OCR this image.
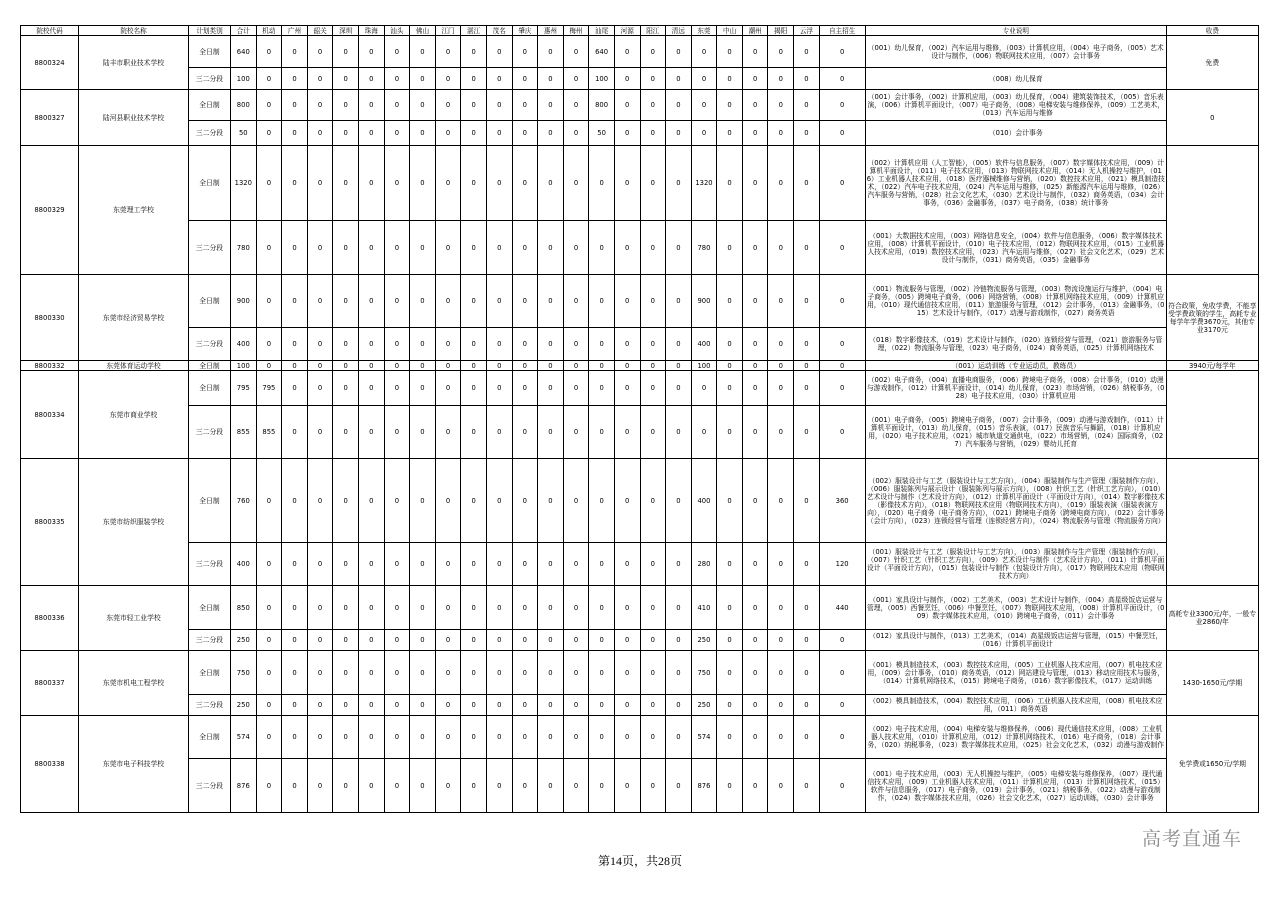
院校代码	院校名称	计划类别	合计	机动	广州	韶关	深圳	珠海	汕头	佛山	江门	湛江	茂名	肇庆	惠州	梅州	汕尾	河源	阳江	清远	东莞	中山	潮州	揭阳	云浮	自主招生	专业说明	收费
8800324	陆丰市职业技术学校	全日制	640	0	0	0	0	0	0	0	0	0	0	0	0	0	640	0	0	0	0	0	0	0	0	0	（001）幼儿保育，（002）汽车运用与维修，（003）计算机应用，（004）电子商务，（005）艺术设计与制作，（006）物联网技术应用，（007）会计事务	免费
		三二分段	100	0	0	0	0	0	0	0	0	0	0	0	0	0	100	0	0	0	0	0	0	0	0	0	（008）幼儿保育	
8800327	陆河县职业技术学校	全日制	800	0	0	0	0	0	0	0	0	0	0	0	0	0	800	0	0	0	0	0	0	0	0	0	（001）会计事务，（002）计算机应用，（003）幼儿保育，（004）建筑装饰技术，（005）音乐表演，（006）计算机平面设计，（007）电子商务，（008）电梯安装与维修保养，（009）工艺美术，（013）汽车运用与维修	0
		三二分段	50	0	0	0	0	0	0	0	0	0	0	0	0	0	50	0	0	0	0	0	0	0	0	0	（010）会计事务	
8800329	东莞理工学校	全日制	1320	0	0	0	0	0	0	0	0	0	0	0	0	0	0	0	0	0	1320	0	0	0	0	0	（002）计算机应用（人工智能），（005）软件与信息服务，（007）数字媒体技术应用，（009）计算机平面设计，（011）电子技术应用，（013）物联网技术应用，（014）无人机操控与维护，（016）工业机器人技术应用，（018）医疗器械维修与营销，（020）数控技术应用，（021）模具制造技术，（022）汽车电子技术应用，（024）汽车运用与维修，（025）新能源汽车运用与维修，（026）汽车服务与营销，（028）社会文化艺术，（030）艺术设计与制作，（032）商务英语，（034）会计事务，（036）金融事务，（037）电子商务，（038）统计事务	
		三二分段	780	0	0	0	0	0	0	0	0	0	0	0	0	0	0	0	0	0	780	0	0	0	0	0	（001）大数据技术应用，（003）网络信息安全，（004）软件与信息服务，（006）数字媒体技术应用，（008）计算机平面设计，（010）电子技术应用，（012）物联网技术应用，（015）工业机器人技术应用，（019）数控技术应用，（023）汽车运用与维修，（027）社会文化艺术，（029）艺术设计与制作，（031）商务英语，（035）金融事务	
8800330	东莞市经济贸易学校	全日制	900	0	0	0	0	0	0	0	0	0	0	0	0	0	0	0	0	0	900	0	0	0	0	0	（001）物流服务与管理，（002）冷链物流服务与管理，（003）物流设施运行与维护，（004）电子商务，（005）跨境电子商务，（006）网络营销，（008）计算机网络技术应用，（009）计算机应用，（010）现代通信技术应用，（011）旅游服务与管理，（012）会计事务，（013）金融事务，（015）艺术设计与制作，（017）动漫与游戏制作，（027）商务英语	符合政策，免收学费，不能享受学费政策的学生，高耗专业每学年学费3670元，其他专业3170元
		三二分段	400	0	0	0	0	0	0	0	0	0	0	0	0	0	0	0	0	0	400	0	0	0	0	0	（018）数字影像技术，（019）艺术设计与制作，（020）连锁经营与管理，（021）旅游服务与管理，（022）物流服务与管理，（023）电子商务，（024）商务英语，（025）计算机网络技术	
8800332	东莞体育运动学校	全日制	100	0	0	0	0	0	0	0	0	0	0	0	0	0	0	0	0	0	100	0	0	0	0	0	（001）运动训练（专业运动员，教练员）	3940元/每学年
8800334	东莞市商业学校	全日制	795	795	0	0	0	0	0	0	0	0	0	0	0	0	0	0	0	0	0	0	0	0	0	0	（002）电子商务，（004）直播电商服务，（006）跨境电子商务，（008）会计事务，（010）动漫与游戏制作，（012）计算机平面设计，（014）幼儿保育，（023）市场营销，（026）纳税事务，（028）电子技术应用，（030）计算机应用	
		三二分段	855	855	0	0	0	0	0	0	0	0	0	0	0	0	0	0	0	0	0	0	0	0	0	0	（001）电子商务，（005）跨境电子商务，（007）会计事务，（009）动漫与游戏制作，（011）计算机平面设计，（013）幼儿保育，（015）音乐表演，（017）民族音乐与舞蹈，（018）计算机应用，（020）电子技术应用，（021）城市轨道交通供电，（022）市场营销，（024）国际商务，（027）汽车服务与营销，（029）婴幼儿托育	
8800335	东莞市纺织服装学校	全日制	760	0	0	0	0	0	0	0	0	0	0	0	0	0	0	0	0	0	400	0	0	0	0	360	（002）服装设计与工艺（服装设计与工艺方向），（004）服装制作与生产管理（服装制作方向），（006）服装陈列与展示设计（服装陈列与展示方向），（008）针织工艺（针织工艺方向），（010）艺术设计与制作（艺术设计方向），（012）计算机平面设计（平面设计方向），（014）数字影像技术（影像技术方向），（018）物联网技术应用（物联网技术方向），（019）服装表演（服装表演方向），（020）电子商务（电子商务方向），（021）跨境电子商务（跨境电商方向），（022）会计事务（会计方向），（023）连锁经营与管理（连锁经营方向），（024）物流服务与管理（物流服务方向）	
		三二分段	400	0	0	0	0	0	0	0	0	0	0	0	0	0	0	0	0	0	280	0	0	0	0	120	（001）服装设计与工艺（服装设计与工艺方向），（003）服装制作与生产管理（服装制作方向），（007）针织工艺（针织工艺方向），（009）艺术设计与制作（艺术设计方向），（011）计算机平面设计（平面设计方向），（015）包装设计与制作（包装设计方向），（017）物联网技术应用（物联网技术方向）	
8800336	东莞市轻工业学校	全日制	850	0	0	0	0	0	0	0	0	0	0	0	0	0	0	0	0	0	410	0	0	0	0	440	（001）家具设计与制作，（002）工艺美术，（003）艺术设计与制作，（004）高星级饭店运营与管理，（005）西餐烹饪，（006）中餐烹饪，（007）物联网技术应用，（008）计算机平面设计，（009）数字媒体技术应用，（010）跨境电子商务，（011）会计事务	高耗专业3300元/年，一般专业2860/年
		三二分段	250	0	0	0	0	0	0	0	0	0	0	0	0	0	0	0	0	0	250	0	0	0	0	0	（012）家具设计与制作，（013）工艺美术，（014）高星级饭店运营与管理，（015）中餐烹饪，（016）计算机平面设计	
8800337	东莞市机电工程学校	全日制	750	0	0	0	0	0	0	0	0	0	0	0	0	0	0	0	0	0	750	0	0	0	0	0	（001）模具制造技术，（003）数控技术应用，（005）工业机器人技术应用，（007）机电技术应用，（009）会计事务，（010）商务英语，（012）网站建设与管理，（013）移动应用技术与服务，（014）计算机网络技术，（015）跨境电子商务，（016）数字影像技术，（017）运动训练	1430-1650元/学期
		三二分段	250	0	0	0	0	0	0	0	0	0	0	0	0	0	0	0	0	0	250	0	0	0	0	0	（002）模具制造技术，（004）数控技术应用，（006）工业机器人技术应用，（008）机电技术应用，（011）商务英语	
8800338	东莞市电子科技学校	全日制	574	0	0	0	0	0	0	0	0	0	0	0	0	0	0	0	0	0	574	0	0	0	0	0	（002）电子技术应用，（004）电梯安装与维修保养，（006）现代通信技术应用，（008）工业机器人技术应用，（010）计算机应用，（012）计算机网络技术，（016）电子商务，（018）会计事务，（020）纳税事务，（023）数字媒体技术应用，（025）社会文化艺术，（032）动漫与游戏制作	免学费或1650元/学期
		三二分段	876	0	0	0	0	0	0	0	0	0	0	0	0	0	0	0	0	0	876	0	0	0	0	0	（001）电子技术应用，（003）无人机操控与维护，（005）电梯安装与维修保养，（007）现代通信技术应用，（009）工业机器人技术应用，（011）计算机应用，（013）计算机网络技术，（015）软件与信息服务，（017）电子商务，（019）会计事务，（021）纳税事务，（022）动漫与游戏制作，（024）数字媒体技术应用，（026）社会文化艺术，（027）运动训练，（030）会计事务	
第14页，共28页
高考直通车
